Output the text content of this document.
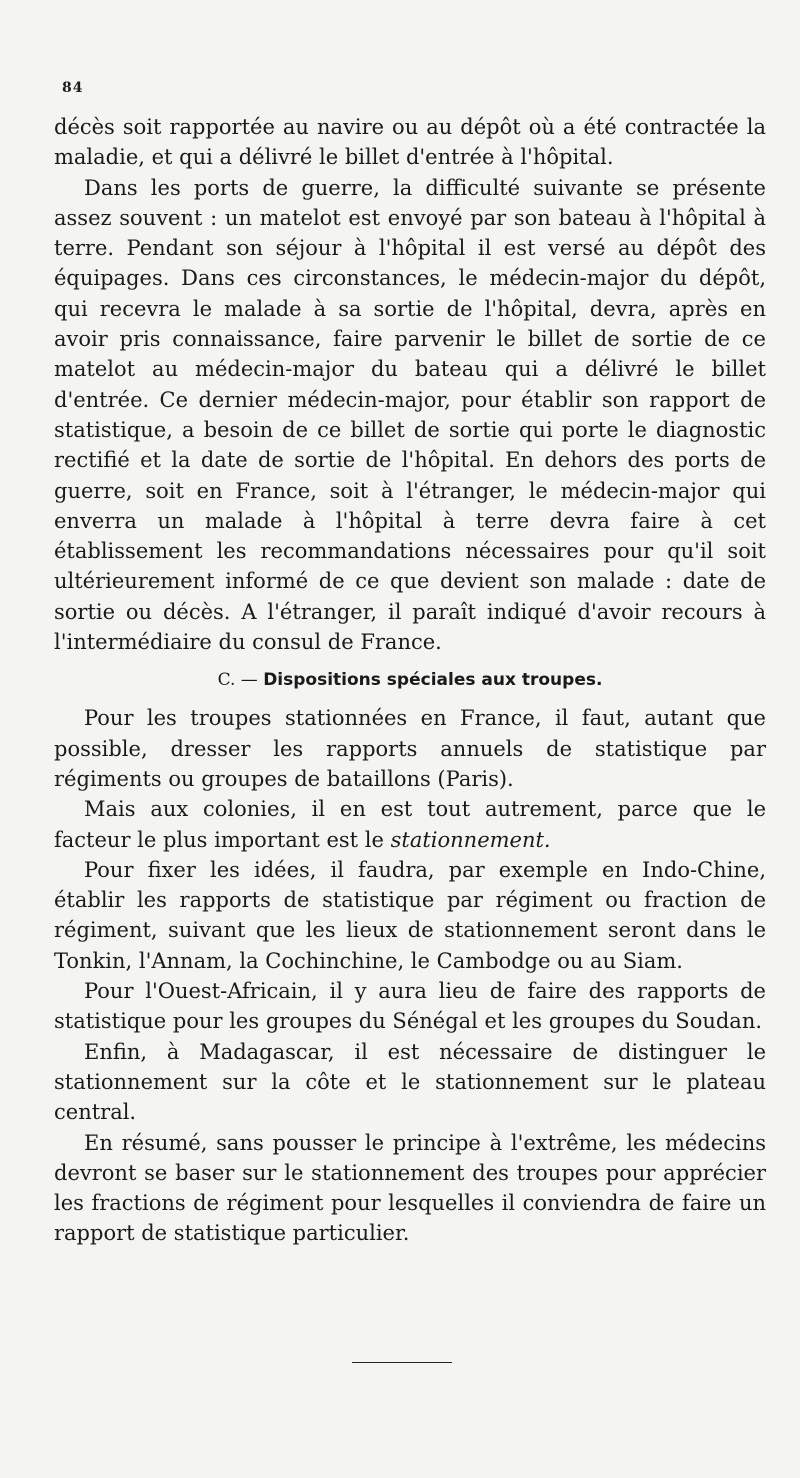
84

décès soit rapportée au navire ou au dépôt où a été contractée la maladie, et qui a délivré le billet d'entrée à l'hôpital.

Dans les ports de guerre, la difficulté suivante se présente assez souvent : un matelot est envoyé par son bateau à l'hôpital à terre. Pendant son séjour à l'hôpital il est versé au dépôt des équipages. Dans ces circonstances, le médecin-major du dépôt, qui recevra le malade à sa sortie de l'hôpital, devra, après en avoir pris connaissance, faire parvenir le billet de sortie de ce matelot au médecin-major du bateau qui a délivré le billet d'entrée. Ce dernier médecin-major, pour établir son rapport de statistique, a besoin de ce billet de sortie qui porte le diagnostic rectifié et la date de sortie de l'hôpital. En dehors des ports de guerre, soit en France, soit à l'étranger, le médecin-major qui enverra un malade à l'hôpital à terre devra faire à cet établissement les recommandations nécessaires pour qu'il soit ultérieurement informé de ce que devient son malade : date de sortie ou décès. A l'étranger, il paraît indiqué d'avoir recours à l'intermédiaire du consul de France.

C. — Dispositions spéciales aux troupes.

Pour les troupes stationnées en France, il faut, autant que possible, dresser les rapports annuels de statistique par régiments ou groupes de bataillons (Paris).

Mais aux colonies, il en est tout autrement, parce que le facteur le plus important est le stationnement.

Pour fixer les idées, il faudra, par exemple en Indo-Chine, établir les rapports de statistique par régiment ou fraction de régiment, suivant que les lieux de stationnement seront dans le Tonkin, l'Annam, la Cochinchine, le Cambodge ou au Siam.

Pour l'Ouest-Africain, il y aura lieu de faire des rapports de statistique pour les groupes du Sénégal et les groupes du Soudan.

Enfin, à Madagascar, il est nécessaire de distinguer le stationnement sur la côte et le stationnement sur le plateau central.

En résumé, sans pousser le principe à l'extrême, les médecins devront se baser sur le stationnement des troupes pour apprécier les fractions de régiment pour lesquelles il conviendra de faire un rapport de statistique particulier.
